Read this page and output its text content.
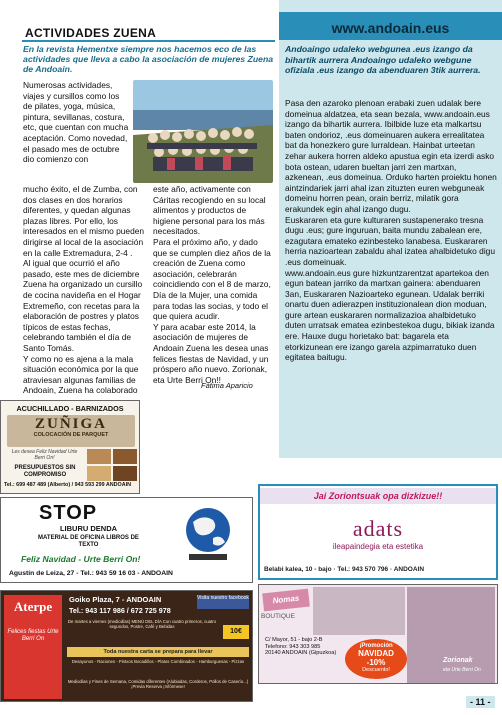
ACTIVIDADES ZUENA
En la revista Hementxe siempre nos hacemos eco de las actividades que lleva a cabo la asociación de mujeres Zuena de Andoain.
Numerosas actividades, viajes y cursillos como los de pilates, yoga, música, pintura, sevillanas, costura, etc, que cuentan con mucha aceptación. Como novedad, el pasado mes de octubre dio comienzo con
mucho éxito, el de Zumba, con dos clases en dos horarios diferentes, y quedan algunas plazas libres. Por ello, los interesados en el mismo pueden dirigirse al local de la asociación en la calle Extremadura, 2-4 .
Al igual que ocurrió el año pasado, este mes de diciembre Zuena ha organizado un cursillo de cocina navideña en el Hogar Extremeño, con recetas para la elaboración de postres y platos típicos de estas fechas, celebrando también el día de Santo Tomás.
Y como no es ajena a la mala situación económica por la que atraviesan algunas familias de Andoain, Zuena ha colaborado
este año, activamente con Cáritas recogiendo en su local alimentos y productos de higiene personal para los más necesitados.
Para el próximo año, y dado que se cumplen diez años de la creación de Zuena como asociación, celebrarán coincidiendo con el 8 de marzo, Día de la Mujer, una comida para todas las socias, y todo el que quiera acudir.
Y para acabar este 2014, la asociación de mujeres de Andoain Zuena les desea unas felices fiestas de Navidad, y un próspero año nuevo. Zorionak, eta Urte Berri On!!
Fátima Aparicio
www.andoain.eus
Andoaingo udaleko webgunea .eus izango da bihartik aurrera Andoaingo udaleko webgune ofiziala .eus izango da abenduaren 3tik aurrera.
Pasa den azaroko plenoan erabaki zuen udalak bere domeinua aldatzea, eta sean bezala, www.andoain.eus izango da bihartik aurrera. Ibilbide luze eta malkartsu baten ondorioz, .eus domeinuaren aukera errealitatea bat da honezkero gure lurraldean. Hainbat urteetan zehar aukera horren aldeko apustua egin eta izerdi asko bota ostean, udaren bueltan jarri zen martxan, azkenean, .eus domeinua. Orduko harten proiektu honen aintzindariek jarri ahal izan zituzten euren webguneak domeinu horren pean, orain berriz, milatik gora erakundek egin ahal izango dugu.
Euskararen eta gure kulturaren sustapenerako tresna dugu .eus; gure inguruan, baita mundu zabalean ere, ezagutara emateko ezinbesteko lanabesa. Euskararen herria nazioartean zabaldu ahal izatea ahalbidetuko digu .eus domeinuak.
www.andoain.eus gure hizkuntzarentzat apartekoa den egun batean jarriko da martxan gainera: abenduaren 3an, Euskararen Nazioarteko egunean. Udalak berriki onartu duen adierazpen instituzionalean dion moduan, gure artean euskararen normalizazioa ahalbidetuko duten urratsak ematea ezinbestekoa dugu, bikiak izanda ere. Hauxe dugu horietako bat: bagarela eta etorkizunean ere izango garela azpimarratuko duen egitatea baitugu.
ACUCHILLADO - BARNIZADOS
ZUÑIGA
COLOCACIÓN DE PARQUET
Les desea Feliz Navidad Urte Berri On!
PRESUPUESTOS SIN COMPROMISO
Tel.: 699 487 489 (Alberto) / 943 593 299 ANDOAIN
Jai Zoriontsuak opa dizkizue!!
adats
ileapaindegia eta estetika
Belabi kalea, 10 - bajo · Tel.: 943 570 796 · ANDOAIN
STOP
LIBURU DENDA
MATERIAL DE OFICINA LIBROS DE TEXTO
Feliz Navidad - Urte Berri On!
Agustín de Leiza, 27 - Tel.: 943 59 16 03 - ANDOAIN
Nomas
BOUTIQUE
C/ Mayor, 51 - bajo 2-B
Telefono: 943 303 985
20140 ANDOAIN (Gipuzkoa)
¡Promoción
NAVIDAD
-10%
Descuento!
Zorionak
eta Urte Berri On
Aterpe
Felices fiestas Urte Berri On
Goiko Plaza, 7 - ANDOAIN
Tel.: 943 117 986 / 672 725 978
Visita nuestro facebook
De martes a viernes (mediodías) MENÚ DEL DÍA Con cuatro primeros, cuatro segundos, Postre, Café y Bebidas
10€
Toda nuestra carta se prepara para llevar
Desayunos - Raciones - Pintxos Bocadillos - Platos Combinados - Hamburguesas - Pizzas
Mediodías y Fines de Semana, Comidas diferentes (Alubiadas, Corderos, Pollos de Caserío...) ¡Previa Reserva ¡Infórmese!
- 11 -
